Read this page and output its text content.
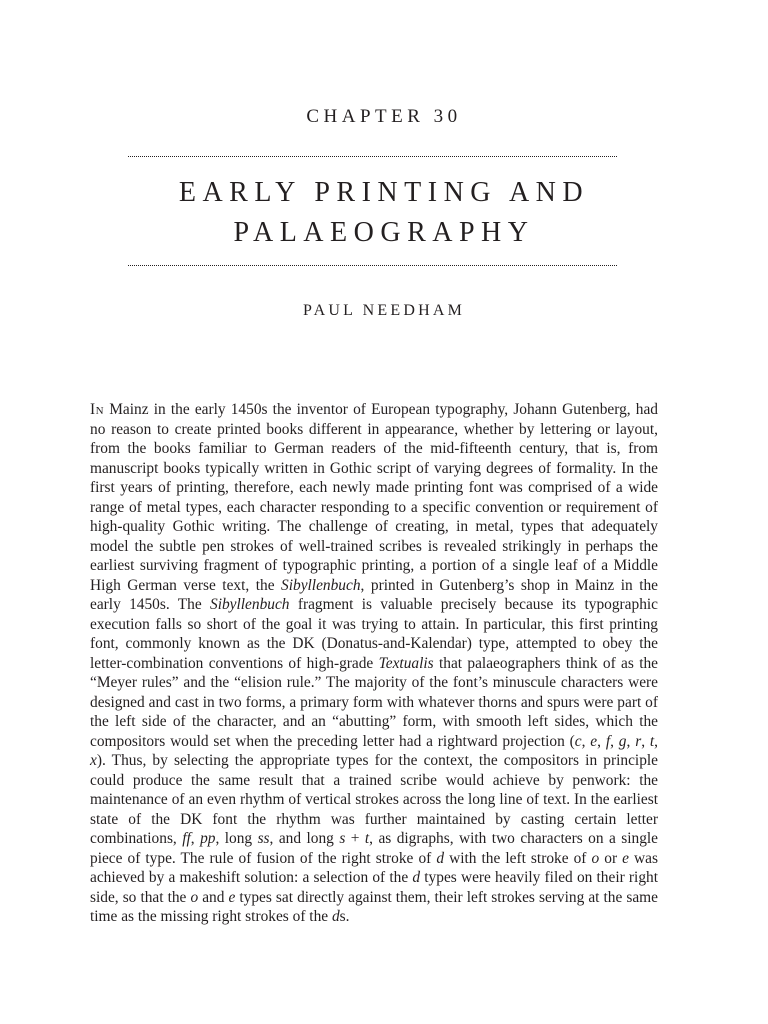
CHAPTER 30
EARLY PRINTING AND
PALAEOGRAPHY
PAUL NEEDHAM

In Mainz in the early 1450s the inventor of European typography, Johann Gutenberg, had no reason to create printed books different in appearance, whether by lettering or layout, from the books familiar to German readers of the mid-fifteenth century, that is, from manuscript books typically written in Gothic script of varying degrees of formality. In the first years of printing, therefore, each newly made printing font was comprised of a wide range of metal types, each character responding to a specific convention or requirement of high-quality Gothic writing. The challenge of creating, in metal, types that adequately model the subtle pen strokes of well-trained scribes is revealed strikingly in perhaps the earliest surviving fragment of typographic printing, a portion of a single leaf of a Middle High German verse text, the Sibyllenbuch, printed in Gutenberg’s shop in Mainz in the early 1450s. The Sibyllenbuch fragment is valuable precisely because its typographic execution falls so short of the goal it was trying to attain. In particular, this first printing font, commonly known as the DK (Donatus-and-Kalendar) type, attempted to obey the letter-combination conventions of high-grade Textualis that palaeographers think of as the “Meyer rules” and the “elision rule.” The majority of the font’s minuscule characters were designed and cast in two forms, a primary form with whatever thorns and spurs were part of the left side of the character, and an “abutting” form, with smooth left sides, which the compositors would set when the preceding letter had a rightward projection (c, e, f, g, r, t, x). Thus, by selecting the appropriate types for the context, the compositors in principle could produce the same result that a trained scribe would achieve by penwork: the maintenance of an even rhythm of vertical strokes across the long line of text. In the earliest state of the DK font the rhythm was further maintained by casting certain letter combinations, ff, pp, long ss, and long s + t, as digraphs, with two characters on a single piece of type. The rule of fusion of the right stroke of d with the left stroke of o or e was achieved by a makeshift solution: a selection of the d types were heavily filed on their right side, so that the o and e types sat directly against them, their left strokes serving at the same time as the missing right strokes of the ds.
